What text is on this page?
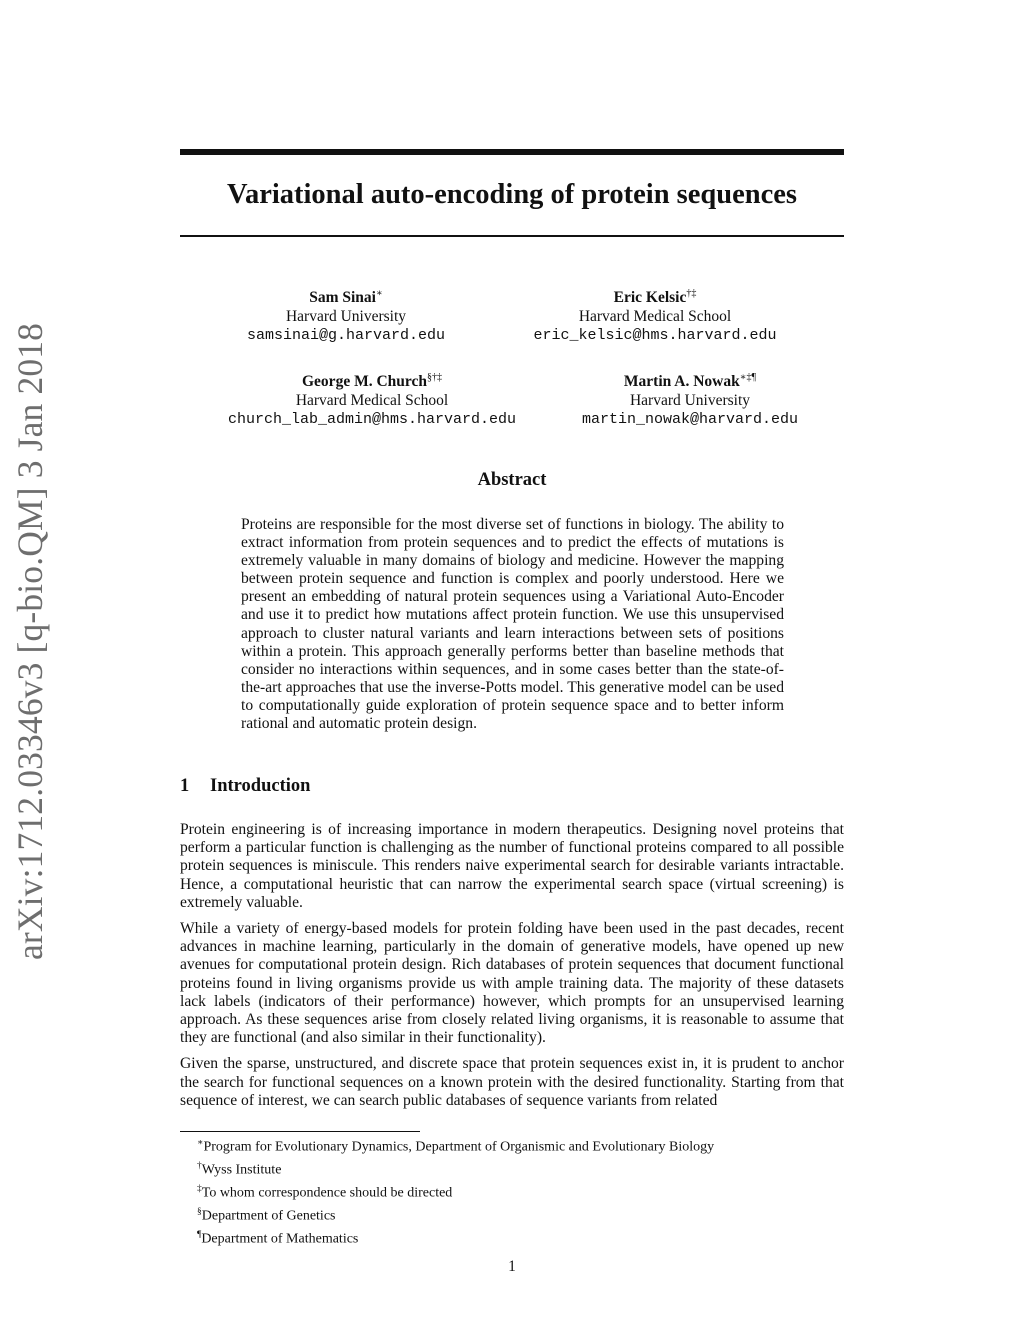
arXiv:1712.03346v3 [q-bio.QM] 3 Jan 2018
Variational auto-encoding of protein sequences
Sam Sinai∗
Harvard University
samsinai@g.harvard.edu
Eric Kelsic†‡
Harvard Medical School
eric_kelsic@hms.harvard.edu
George M. Church§†‡
Harvard Medical School
church_lab_admin@hms.harvard.edu
Martin A. Nowak∗‡¶
Harvard University
martin_nowak@harvard.edu
Abstract
Proteins are responsible for the most diverse set of functions in biology. The ability to extract information from protein sequences and to predict the effects of mutations is extremely valuable in many domains of biology and medicine. However the mapping between protein sequence and function is complex and poorly understood. Here we present an embedding of natural protein sequences using a Variational Auto-Encoder and use it to predict how mutations affect protein function. We use this unsupervised approach to cluster natural variants and learn interactions between sets of positions within a protein. This approach generally performs better than baseline methods that consider no interactions within sequences, and in some cases better than the state-of-the-art approaches that use the inverse-Potts model. This generative model can be used to computationally guide exploration of protein sequence space and to better inform rational and automatic protein design.
1 Introduction

Protein engineering is of increasing importance in modern therapeutics. Designing novel proteins that perform a particular function is challenging as the number of functional proteins compared to all possible protein sequences is miniscule. This renders naive experimental search for desirable variants intractable. Hence, a computational heuristic that can narrow the experimental search space (virtual screening) is extremely valuable.

While a variety of energy-based models for protein folding have been used in the past decades, recent advances in machine learning, particularly in the domain of generative models, have opened up new avenues for computational protein design. Rich databases of protein sequences that document functional proteins found in living organisms provide us with ample training data. The majority of these datasets lack labels (indicators of their performance) however, which prompts for an unsupervised learning approach. As these sequences arise from closely related living organisms, it is reasonable to assume that they are functional (and also similar in their functionality).

Given the sparse, unstructured, and discrete space that protein sequences exist in, it is prudent to anchor the search for functional sequences on a known protein with the desired functionality. Starting from that sequence of interest, we can search public databases of sequence variants from related

∗Program for Evolutionary Dynamics, Department of Organismic and Evolutionary Biology
†Wyss Institute
‡To whom correspondence should be directed
§Department of Genetics
¶Department of Mathematics
1
